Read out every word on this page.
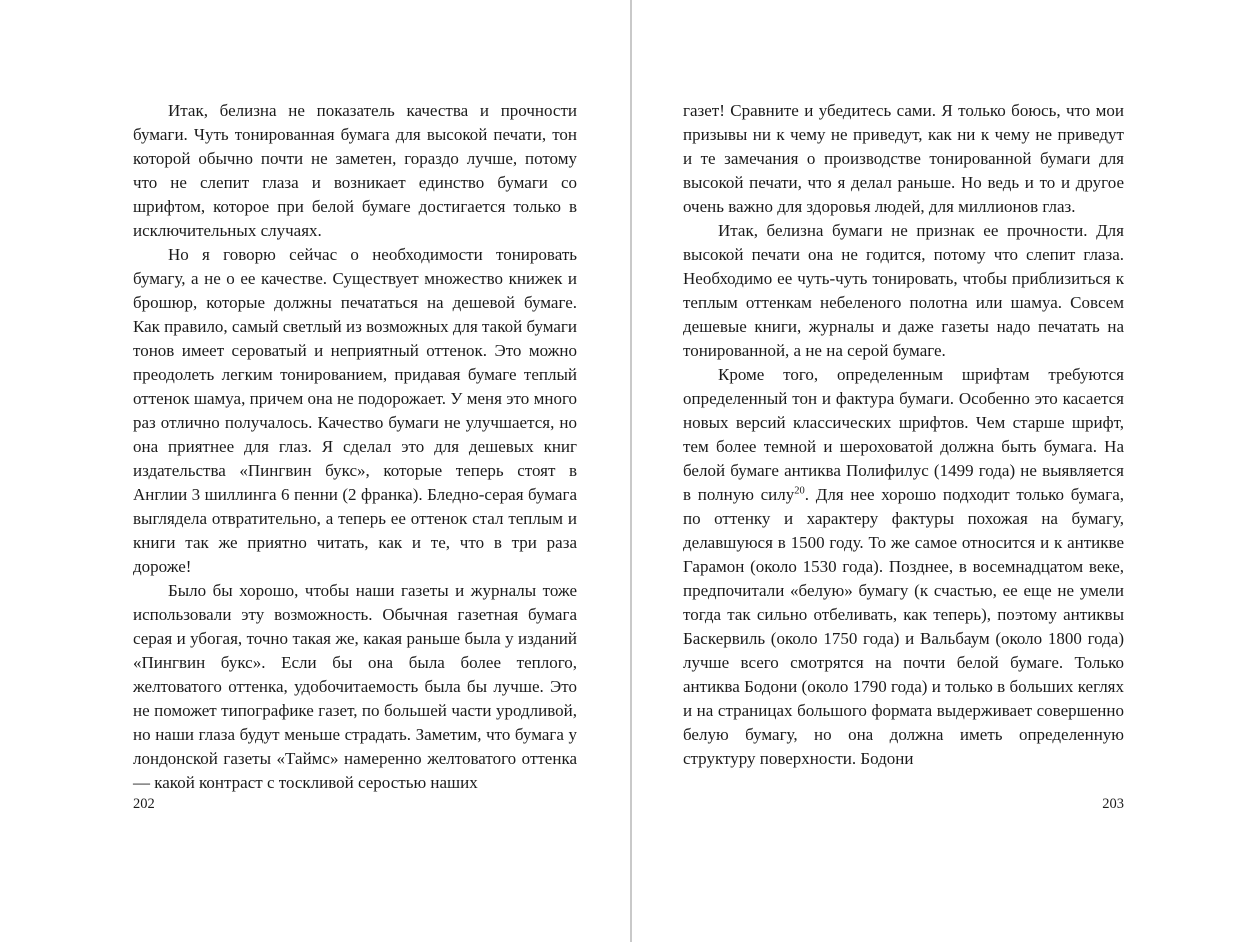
Итак, белизна не показатель качества и прочности бумаги. Чуть тонированная бумага для высокой печати, тон которой обычно почти не заметен, гораздо лучше, потому что не слепит глаза и возникает единство бумаги со шрифтом, которое при белой бумаге достигается только в исключительных случаях.

Но я говорю сейчас о необходимости тонировать бумагу, а не о ее качестве. Существует множество книжек и брошюр, которые должны печататься на дешевой бумаге. Как правило, самый светлый из возможных для такой бумаги тонов имеет сероватый и неприятный оттенок. Это можно преодолеть легким тонированием, придавая бумаге теплый оттенок шамуа, причем она не подорожает. У меня это много раз отлично получалось. Качество бумаги не улучшается, но она приятнее для глаз. Я сделал это для дешевых книг издательства «Пингвин букс», которые теперь стоят в Англии 3 шиллинга 6 пенни (2 франка). Бледно-серая бумага выглядела отвратительно, а теперь ее оттенок стал теплым и книги так же приятно читать, как и те, что в три раза дороже!

Было бы хорошо, чтобы наши газеты и журналы тоже использовали эту возможность. Обычная газетная бумага серая и убогая, точно такая же, какая раньше была у изданий «Пингвин букс». Если бы она была более теплого, желтоватого оттенка, удобочитаемость была бы лучше. Это не поможет типографике газет, по большей части уродливой, но наши глаза будут меньше страдать. Заметим, что бумага у лондонской газеты «Таймс» намеренно желтоватого оттенка — какой контраст с тоскливой серостью наших

202

газет! Сравните и убедитесь сами. Я только боюсь, что мои призывы ни к чему не приведут, как ни к чему не приведут и те замечания о производстве тонированной бумаги для высокой печати, что я делал раньше. Но ведь и то и другое очень важно для здоровья людей, для миллионов глаз.

Итак, белизна бумаги не признак ее прочности. Для высокой печати она не годится, потому что слепит глаза. Необходимо ее чуть-чуть тонировать, чтобы приблизиться к теплым оттенкам небеленого полотна или шамуа. Совсем дешевые книги, журналы и даже газеты надо печатать на тонированной, а не на серой бумаге.

Кроме того, определенным шрифтам требуются определенный тон и фактура бумаги. Особенно это касается новых версий классических шрифтов. Чем старше шрифт, тем более темной и шероховатой должна быть бумага. На белой бумаге антиква Полифилус (1499 года) не выявляется в полную силу$^{20}$. Для нее хорошо подходит только бумага, по оттенку и характеру фактуры похожая на бумагу, делавшуюся в 1500 году. То же самое относится и к антикве Гарамон (около 1530 года). Позднее, в восемнадцатом веке, предпочитали «белую» бумагу (к счастью, ее еще не умели тогда так сильно отбеливать, как теперь), поэтому антиквы Баскервиль (около 1750 года) и Вальбаум (около 1800 года) лучше всего смотрятся на почти белой бумаге. Только антиква Бодони (около 1790 года) и только в больших кеглях и на страницах большого формата выдерживает совершенно белую бумагу, но она должна иметь определенную структуру поверхности. Бодони

203
